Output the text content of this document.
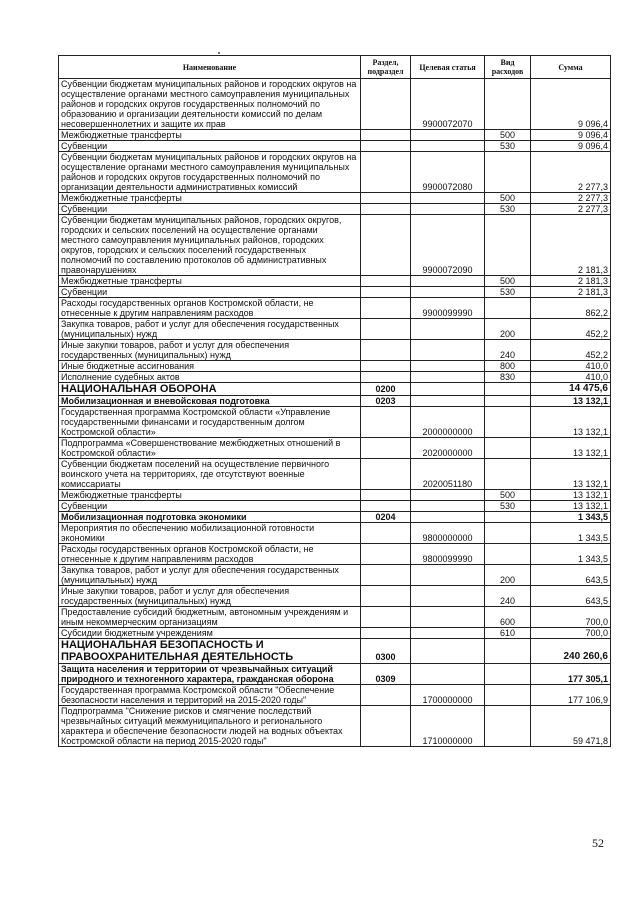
Наименование	Раздел, подраздел	Целевая статья	Вид расходов	Сумма
Субвенции бюджетам муниципальных районов и городских округов на осуществление органами местного самоуправления муниципальных районов и городских округов государственных полномочий по образованию и организации деятельности комиссий по делам несовершеннолетних и защите их прав		9900072070		9 096,4
Межбюджетные трансферты			500	9 096,4
Субвенции			530	9 096,4
Субвенции бюджетам муниципальных районов и городских округов на осуществление органами местного самоуправления муниципальных районов и городских округов государственных полномочий по организации деятельности административных комиссий		9900072080		2 277,3
Межбюджетные трансферты			500	2 277,3
Субвенции			530	2 277,3
Субвенции бюджетам муниципальных районов, городских округов, городских и сельских поселений на осуществление органами местного самоуправления муниципальных районов, городских округов, городских и сельских поселений государственных полномочий по составлению протоколов об административных правонарушениях		9900072090		2 181,3
Межбюджетные трансферты			500	2 181,3
Субвенции			530	2 181,3
Расходы государственных органов Костромской области, не отнесенные к другим направлениям расходов		9900099990		862,2
Закупка товаров, работ и услуг для обеспечения государственных (муниципальных) нужд			200	452,2
Иные закупки товаров, работ и услуг для обеспечения государственных (муниципальных) нужд			240	452,2
Иные бюджетные ассигнования			800	410,0
Исполнение судебных актов			830	410,0
НАЦИОНАЛЬНАЯ ОБОРОНА	0200			14 475,6
Мобилизационная и вневойсковая подготовка	0203			13 132,1
Государственная программа Костромской области «Управление государственными финансами и государственным долгом Костромской области»		2000000000		13 132,1
Подпрограмма «Совершенствование межбюджетных отношений в Костромской области»		2020000000		13 132,1
Субвенции бюджетам поселений на осуществление первичного воинского учета на территориях, где отсутствуют военные комиссариаты		2020051180		13 132,1
Межбюджетные трансферты			500	13 132,1
Субвенции			530	13 132,1
Мобилизационная подготовка экономики	0204			1 343,5
Мероприятия по обеспечению мобилизационной готовности экономики		9800000000		1 343,5
Расходы государственных органов Костромской области, не отнесенные к другим направлениям расходов		9800099990		1 343,5
Закупка товаров, работ и услуг для обеспечения государственных (муниципальных) нужд			200	643,5
Иные закупки товаров, работ и услуг для обеспечения государственных (муниципальных) нужд			240	643,5
Предоставление субсидий бюджетным, автономным учреждениям и иным некоммерческим организациям			600	700,0
Субсидии бюджетным учреждениям			610	700,0
НАЦИОНАЛЬНАЯ БЕЗОПАСНОСТЬ И ПРАВООХРАНИТЕЛЬНАЯ ДЕЯТЕЛЬНОСТЬ	0300			240 260,6
Защита населения и территории от чрезвычайных ситуаций природного и техногенного характера, гражданская оборона	0309			177 305,1
Государственная программа Костромской области "Обеспечение безопасности населения и территорий на 2015-2020 годы"		1700000000		177 106,9
Подпрограмма "Снижение рисков и смягчение последствий чрезвычайных ситуаций межмуниципального и регионального характера и обеспечение безопасности людей на водных объектах Костромской области на период 2015-2020 годы"		1710000000		59 471,8
52
